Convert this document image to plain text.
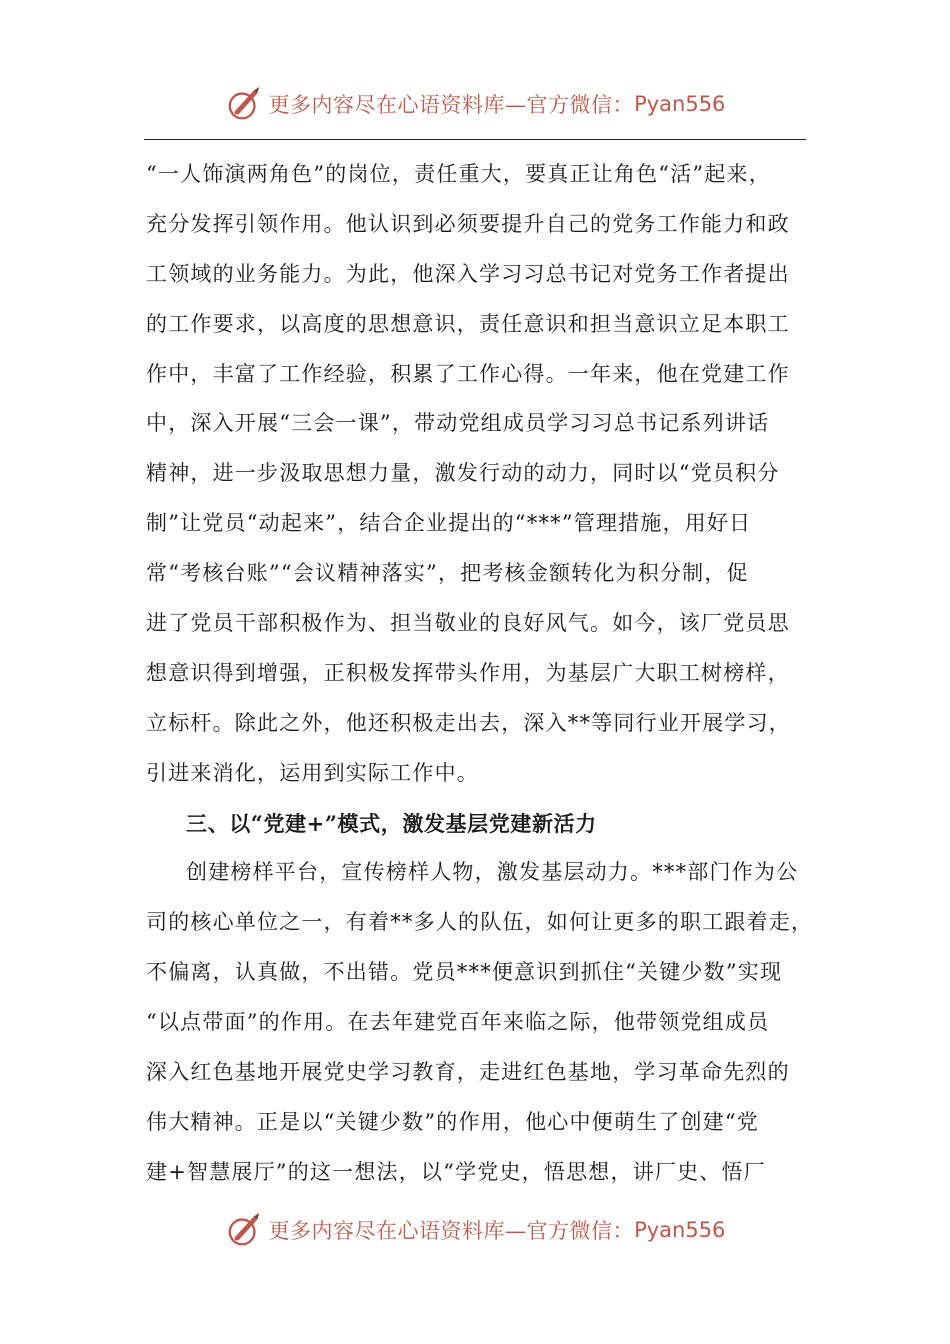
更多内容尽在心语资料库—官方微信： Pyan556
“一人饰演两角色”的岗位，责任重大，要真正让角色“活”起来，
充分发挥引领作用。他认识到必须要提升自己的党务工作能力和政
工领域的业务能力。为此，他深入学习习总书记对党务工作者提出
的工作要求，以高度的思想意识，责任意识和担当意识立足本职工
作中，丰富了工作经验，积累了工作心得。一年来，他在党建工作
中，深入开展“三会一课”，带动党组成员学习习总书记系列讲话
精神，进一步汲取思想力量，激发行动的动力，同时以“党员积分
制”让党员“动起来”，结合企业提出的“***”管理措施，用好日
常“考核台账”“会议精神落实”，把考核金额转化为积分制，促
进了党员干部积极作为、担当敬业的良好风气。如今，该厂党员思
想意识得到增强，正积极发挥带头作用，为基层广大职工树榜样，
立标杆。除此之外，他还积极走出去，深入**等同行业开展学习，
引进来消化，运用到实际工作中。
三、以“党建+”模式，激发基层党建新活力
创建榜样平台，宣传榜样人物，激发基层动力。***部门作为公
司的核心单位之一，有着**多人的队伍，如何让更多的职工跟着走，
不偏离，认真做，不出错。党员***便意识到抓住“关键少数”实现
“以点带面”的作用。在去年建党百年来临之际，他带领党组成员
深入红色基地开展党史学习教育，走进红色基地，学习革命先烈的
伟大精神。正是以“关键少数”的作用，他心中便萌生了创建“党
建+智慧展厅”的这一想法，以“学党史，悟思想，讲厂史、悟厂
更多内容尽在心语资料库—官方微信： Pyan556
